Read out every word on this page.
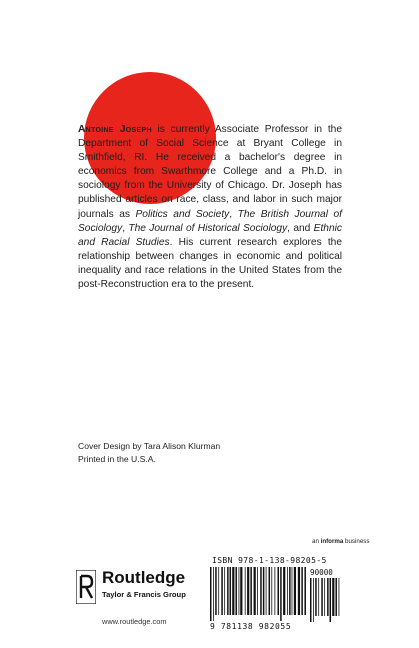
Antoine Joseph is currently Associate Professor in the Department of Social Science at Bryant College in Smithfield, RI. He received a bachelor's degree in economics from Swarthmore College and a Ph.D. in sociology from the University of Chicago. Dr. Joseph has published articles on race, class, and labor in such major journals as Politics and Society, The British Journal of Sociology, The Journal of Historical Sociology, and Ethnic and Racial Studies. His current research explores the relationship between changes in economic and political inequality and race relations in the United States from the post-Reconstruction era to the present.
Cover Design by Tara Alison Klurman
Printed in the U.S.A.
an informa business
Routledge
Taylor & Francis Group
www.routledge.com
ISBN 978-1-138-98205-5
90000
9 781138 982055
